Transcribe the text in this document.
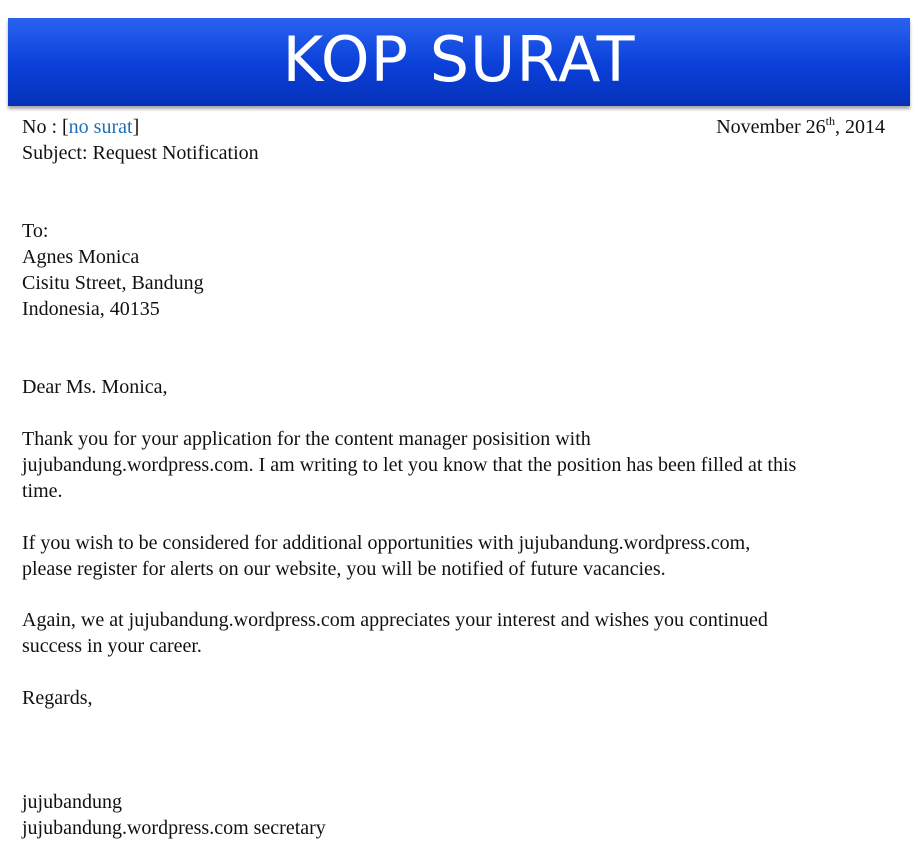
KOP SURAT
No : [no surat]	November 26th, 2014
Subject: Request Notification
To:
Agnes Monica
Cisitu Street, Bandung
Indonesia, 40135
Dear Ms. Monica,
Thank you for your application for the content manager posisition with
jujubandung.wordpress.com. I am writing to let you know that the position has been filled at this
time.
If you wish to be considered for additional opportunities with jujubandung.wordpress.com,
please register for alerts on our website, you will be notified of future vacancies.
Again, we at jujubandung.wordpress.com appreciates your interest and wishes you continued
success in your career.
Regards,
jujubandung
jujubandung.wordpress.com secretary
